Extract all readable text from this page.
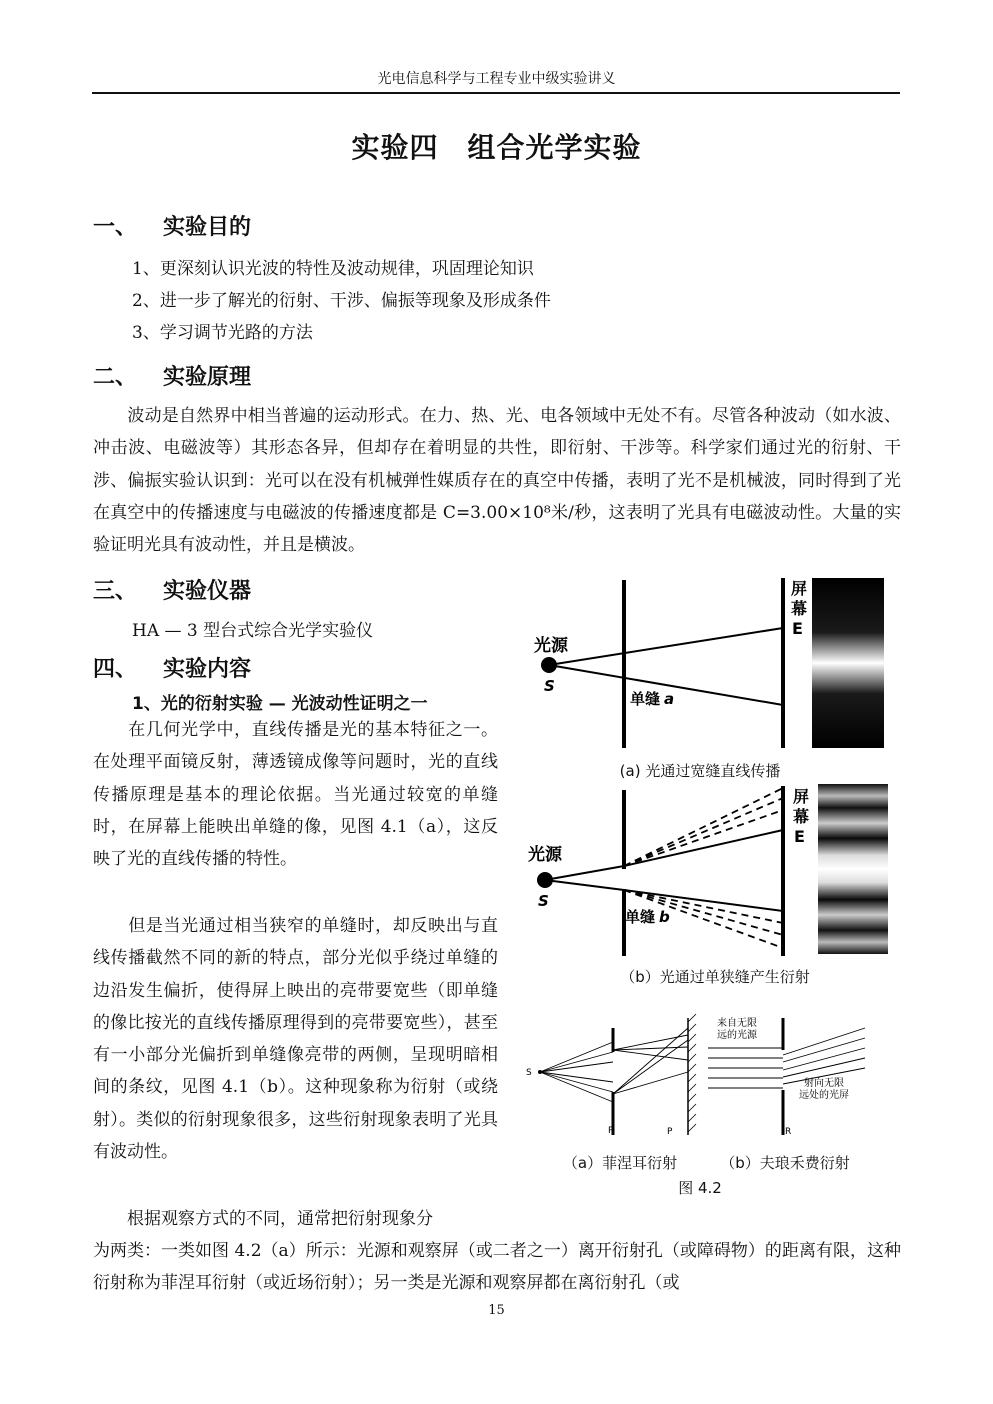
光电信息科学与工程专业中级实验讲义
实验四　组合光学实验
一、 实验目的
1、更深刻认识光波的特性及波动规律，巩固理论知识
2、进一步了解光的衍射、干涉、偏振等现象及形成条件
3、学习调节光路的方法
二、 实验原理
　　波动是自然界中相当普遍的运动形式。在力、热、光、电各领域中无处不有。尽管各种波动（如水波、冲击波、电磁波等）其形态各异，但却存在着明显的共性，即衍射、干涉等。科学家们通过光的衍射、干涉、偏振实验认识到：光可以在没有机械弹性媒质存在的真空中传播，表明了光不是机械波，同时得到了光在真空中的传播速度与电磁波的传播速度都是 C=3.00×10⁸米/秒，这表明了光具有电磁波动性。大量的实验证明光具有波动性，并且是横波。
三、 实验仪器
HA — 3 型台式综合光学实验仪
四、 实验内容
1、光的衍射实验 — 光波动性证明之一
　　在几何光学中，直线传播是光的基本特征之一。在处理平面镜反射，薄透镜成像等问题时，光的直线传播原理是基本的理论依据。当光通过较宽的单缝时，在屏幕上能映出单缝的像，见图 4.1（a），这反映了光的直线传播的特性。
　　但是当光通过相当狭窄的单缝时，却反映出与直线传播截然不同的新的特点，部分光似乎绕过单缝的边沿发生偏折，使得屏上映出的亮带要宽些（即单缝的像比按光的直线传播原理得到的亮带要宽些），甚至有一小部分光偏折到单缝像亮带的两侧，呈现明暗相间的条纹，见图 4.1（b）。这种现象称为衍射（或绕射）。类似的衍射现象很多，这些衍射现象表明了光具有波动性。
　　根据观察方式的不同，通常把衍射现象分
为两类：一类如图 4.2（a）所示：光源和观察屏（或二者之一）离开衍射孔（或障碍物）的距离有限，这种衍射称为菲涅耳衍射（或近场衍射）；另一类是光源和观察屏都在离衍射孔（或
光源
S
单缝 a
屏
幕
E
(a) 光通过宽缝直线传播
光源
S
单缝 b
屏
幕
E
（b）光通过单狭缝产生衍射
S
R	P
来自无限
远的光源
射向无限
远处的光屏
R
（a）菲涅耳衍射	（b）夫琅禾费衍射
图 4.2
15
